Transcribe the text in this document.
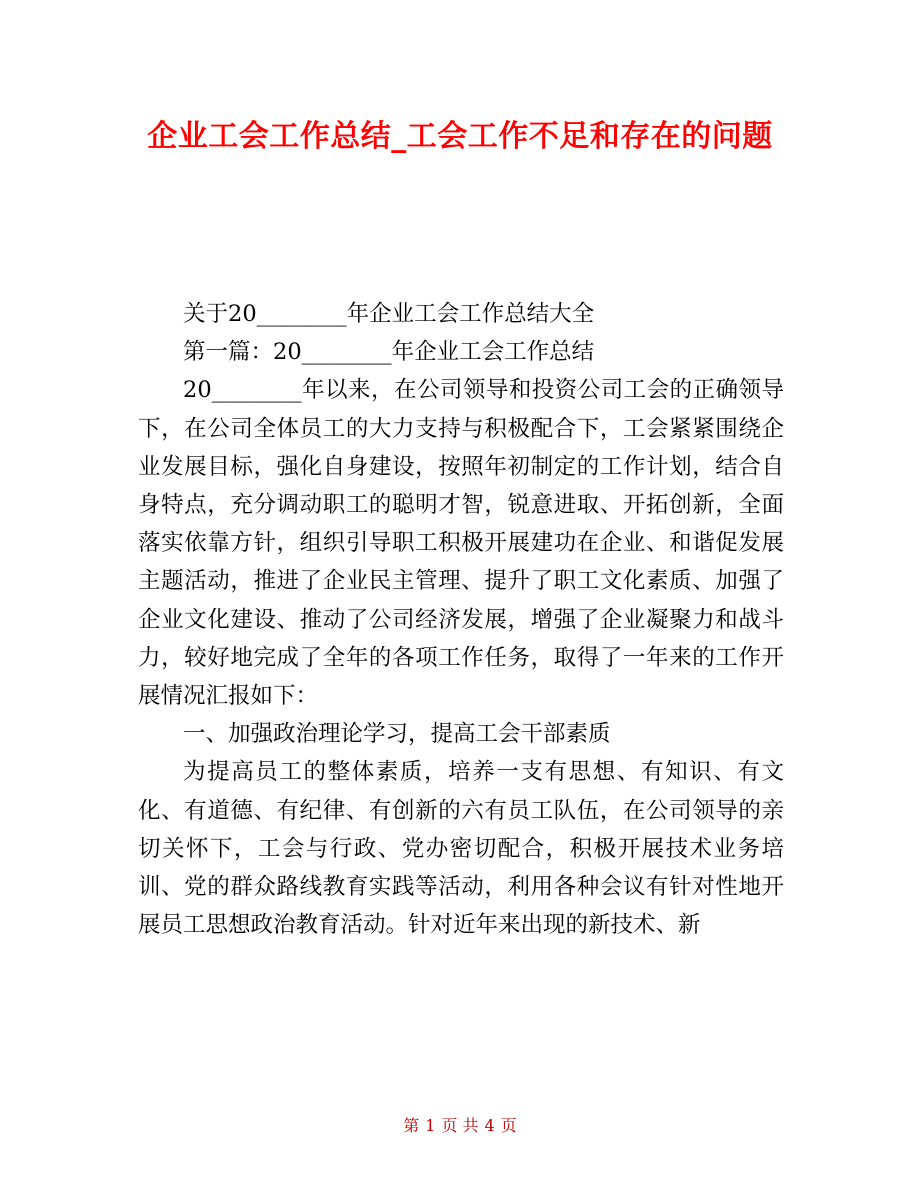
企业工会工作总结_工会工作不足和存在的问题

关于20________年企业工会工作总结大全

第一篇：20________年企业工会工作总结

20________年以来，在公司领导和投资公司工会的正确领导下，在公司全体员工的大力支持与积极配合下，工会紧紧围绕企业发展目标，强化自身建设，按照年初制定的工作计划，结合自身特点，充分调动职工的聪明才智，锐意进取、开拓创新，全面落实依靠方针，组织引导职工积极开展建功在企业、和谐促发展主题活动，推进了企业民主管理、提升了职工文化素质、加强了企业文化建设、推动了公司经济发展，增强了企业凝聚力和战斗力，较好地完成了全年的各项工作任务，取得了一年来的工作开展情况汇报如下：

一、加强政治理论学习，提高工会干部素质

为提高员工的整体素质，培养一支有思想、有知识、有文化、有道德、有纪律、有创新的六有员工队伍，在公司领导的亲切关怀下，工会与行政、党办密切配合，积极开展技术业务培训、党的群众路线教育实践等活动，利用各种会议有针对性地开展员工思想政治教育活动。针对近年来出现的新技术、新

第 1 页 共 4 页
